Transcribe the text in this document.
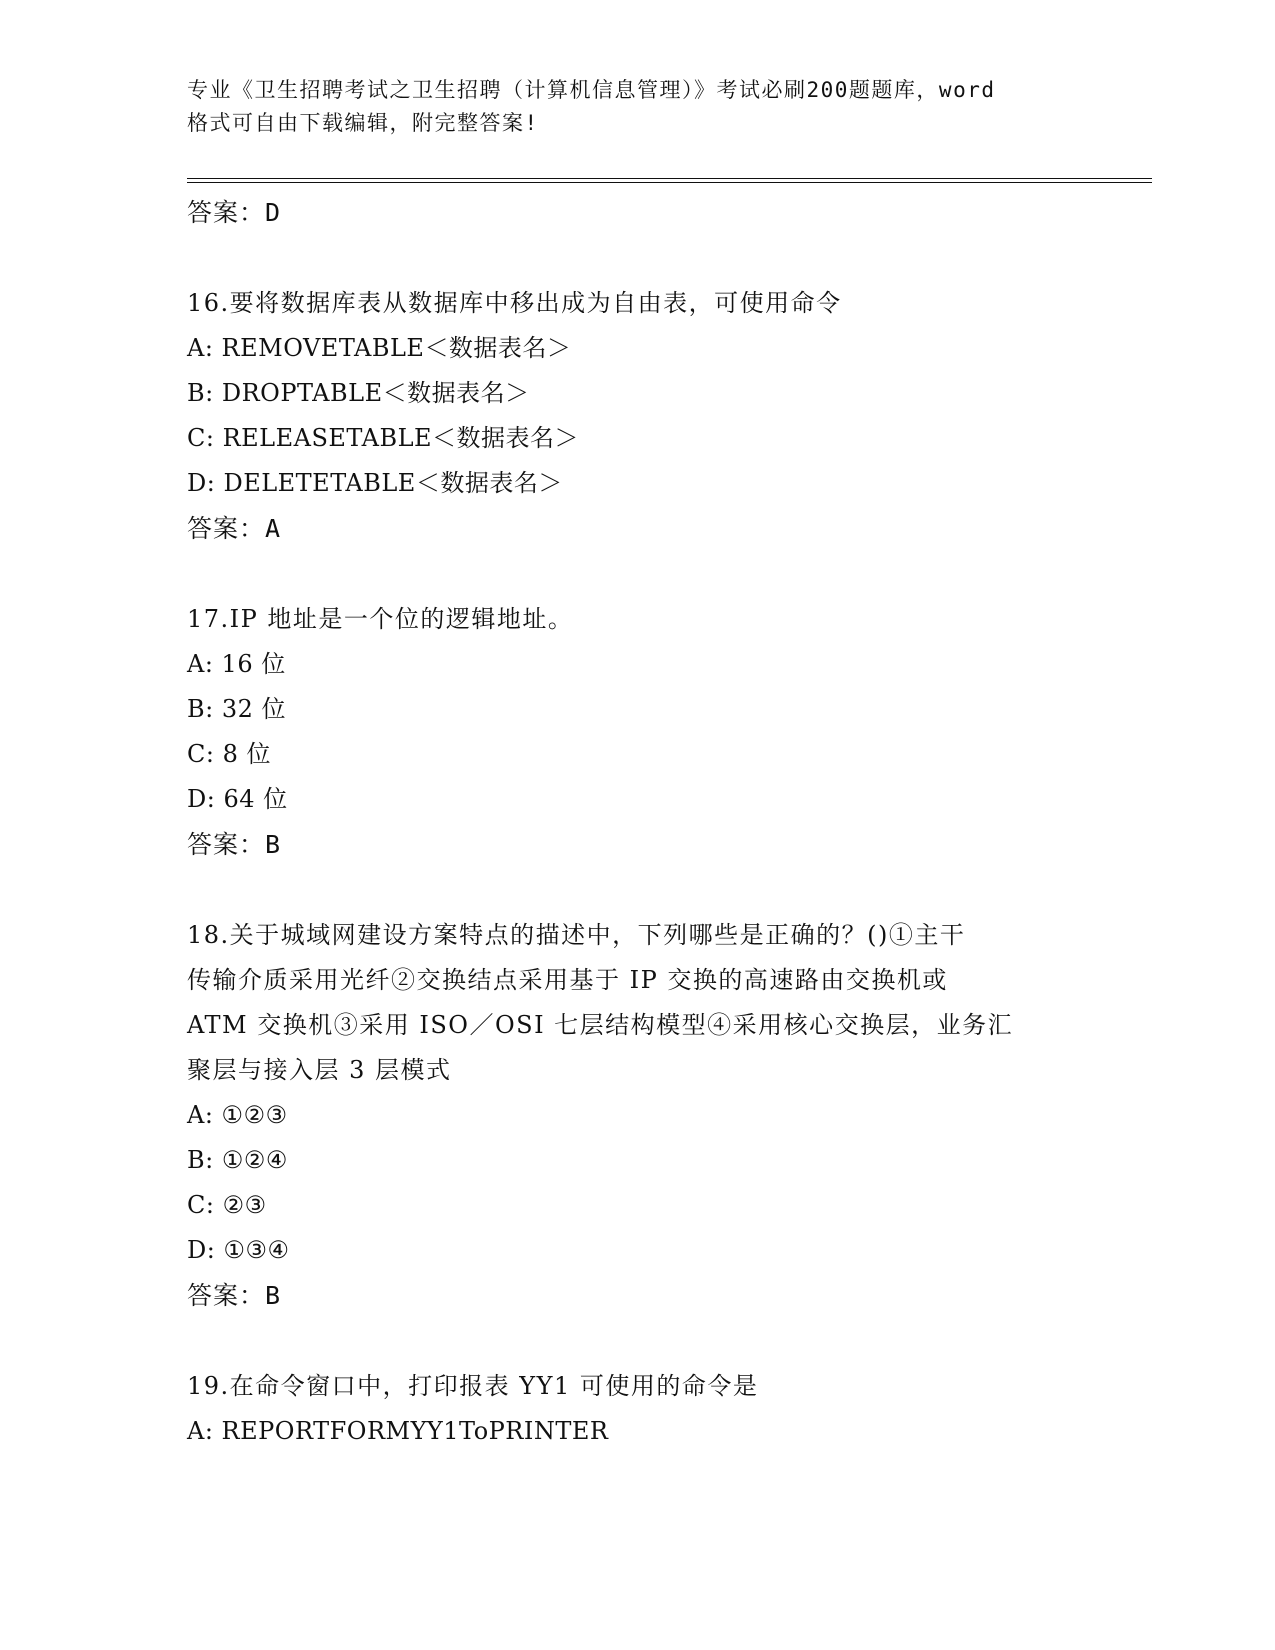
专业《卫生招聘考试之卫生招聘（计算机信息管理）》考试必刷200题题库，word
格式可自由下载编辑，附完整答案!
答案：D
16.要将数据库表从数据库中移出成为自由表，可使用命令
A: REMOVETABLE＜数据表名＞
B: DROPTABLE＜数据表名＞
C: RELEASETABLE＜数据表名＞
D: DELETETABLE＜数据表名＞
答案：A
17.IP 地址是一个位的逻辑地址。
A: 16 位
B: 32 位
C: 8 位
D: 64 位
答案：B
18.关于城域网建设方案特点的描述中，下列哪些是正确的？()①主干
传输介质采用光纤②交换结点采用基于 IP 交换的高速路由交换机或
ATM 交换机③采用 ISO／OSI 七层结构模型④采用核心交换层，业务汇
聚层与接入层 3 层模式
A: ①②③
B: ①②④
C: ②③
D: ①③④
答案：B
19.在命令窗口中，打印报表 YY1 可使用的命令是
A: REPORTFORMYY1ToPRINTER
